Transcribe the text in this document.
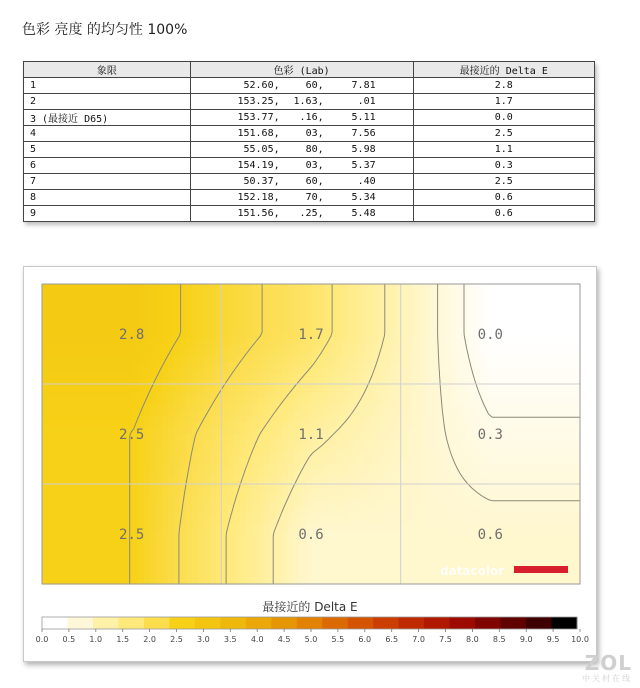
色彩 亮度 的均匀性 100%
象限	色彩 (Lab)	最接近的 Delta E
1	52.60, 60, 7.81	2.8
2	153.25, 1.63, .01	1.7
3 (最接近 D65)	153.77, .16, 5.11	0.0
4	151.68, 03, 7.56	2.5
5	55.05, 80, 5.98	1.1
6	154.19, 03, 5.37	0.3
7	50.37, 60, .40	2.5
8	152.18, 70, 5.34	0.6
9	151.56, .25, 5.48	0.6
2.8	1.7	0.0
2.5	1.1	0.3
2.5	0.6	0.6
datacolor
最接近的 Delta E
0.0 0.5 1.0 1.5 2.0 2.5 3.0 3.5 4.0 4.5 5.0 5.5 6.0 6.5 7.0 7.5 8.0 8.5 9.0 9.5 10.0
ZOL
中关村在线
